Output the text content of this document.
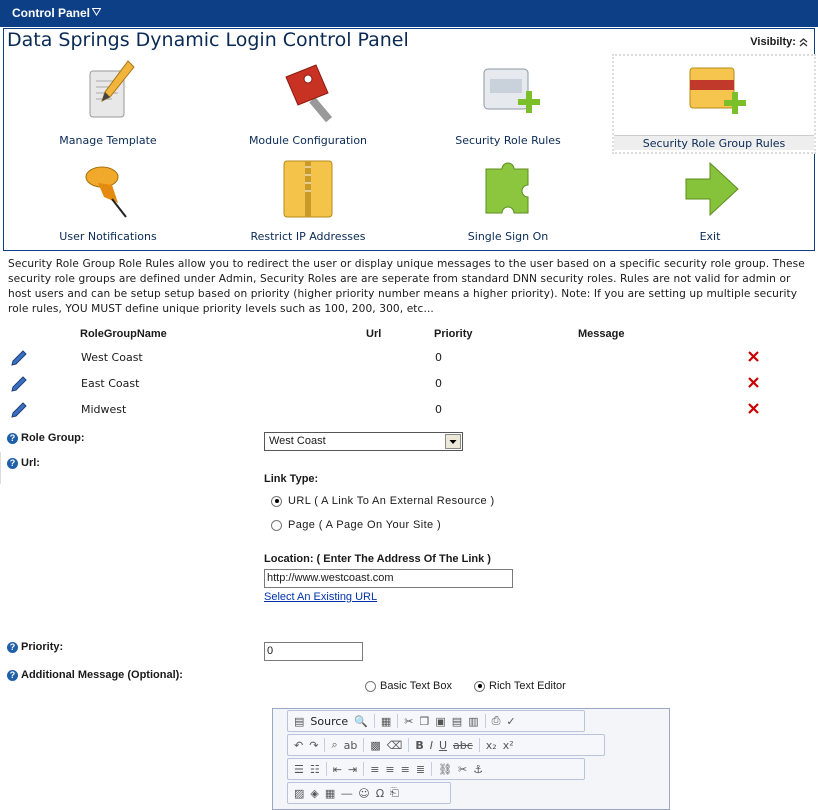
Control Panel
Data Springs Dynamic Login Control Panel	Visibilty:
Manage Template	Module Configuration	Security Role Rules	Security Role Group Rules
User Notifications	Restrict IP Addresses	Single Sign On	Exit
Security Role Group Role Rules allow you to redirect the user or display unique messages to the user based on a specific security role group. These security role groups are defined under Admin, Security Roles are are seperate from standard DNN security roles. Rules are not valid for admin or host users and can be setup setup based on priority (higher priority number means a higher priority). Note: If you are setting up multiple security role rules, YOU MUST define unique priority levels such as 100, 200, 300, etc...
RoleGroupName	Url	Priority	Message
West Coast	0
East Coast	0
Midwest	0
? Role Group:	West Coast
? Url:
Link Type:
URL ( A Link To An External Resource )
Page ( A Page On Your Site )
Location: ( Enter The Address Of The Link )
http://www.westcoast.com
Select An Existing URL
? Priority:	0
? Additional Message (Optional):
Basic Text Box	Rich Text Editor
▤ Source 🔍 ▦ ✂ ❐ ▣ ▤ ▥ ⎙ ✓
↶ ↷ ⌕ ab ▩ ⌫ B I U abc x₂ x²
☰ ☷ ⇤ ⇥ ≡ ≡ ≡ ≣ ⛓ ✂ ⚓
▨ ◈ ▦ ― ☺ Ω ⎗
